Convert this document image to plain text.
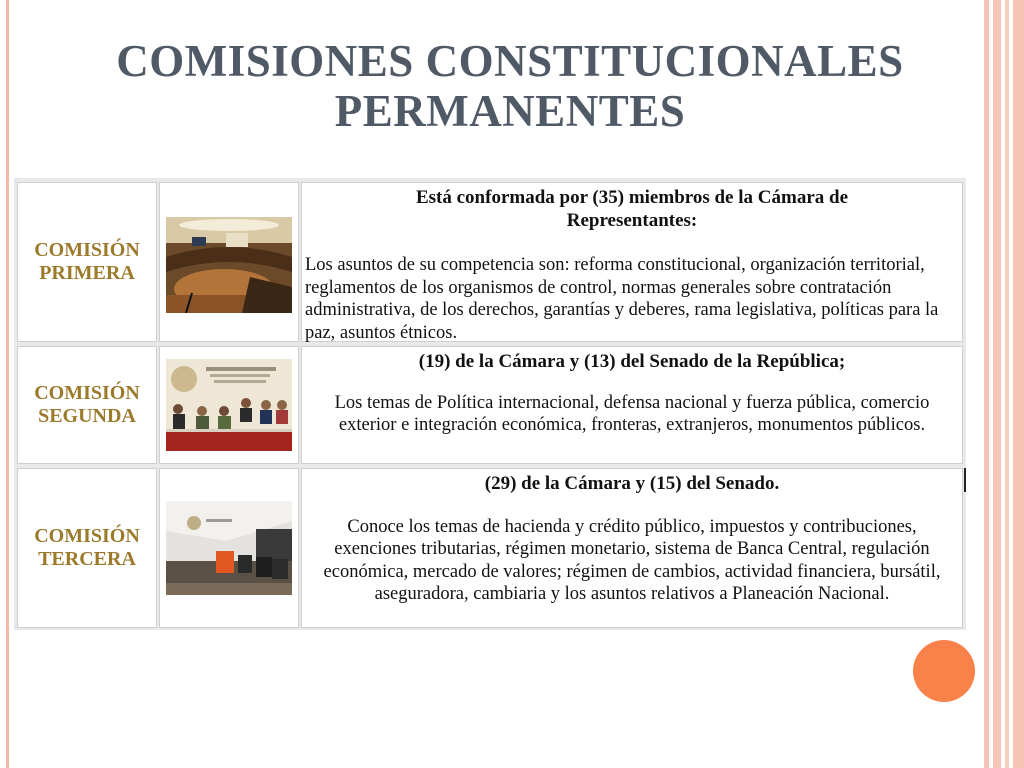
COMISIONES CONSTITUCIONALES
PERMANENTES
COMISIÓN
PRIMERA
Está conformada por (35) miembros de la Cámara de
Representantes:
Los asuntos de su competencia son: reforma constitucional, organización territorial, reglamentos de los organismos de control, normas generales sobre contratación administrativa, de los derechos, garantías y deberes, rama legislativa, políticas para la paz, asuntos étnicos.
COMISIÓN
SEGUNDA
(19) de la Cámara y (13) del Senado de la República;
Los temas de Política internacional, defensa nacional y fuerza pública, comercio exterior e integración económica, fronteras, extranjeros, monumentos públicos.
COMISIÓN
TERCERA
(29) de la Cámara y (15) del Senado.
Conoce los temas de hacienda y crédito público, impuestos y contribuciones, exenciones tributarias, régimen monetario, sistema de Banca Central, regulación económica, mercado de valores; régimen de cambios, actividad financiera, bursátil, aseguradora, cambiaria y los asuntos relativos a Planeación Nacional.
